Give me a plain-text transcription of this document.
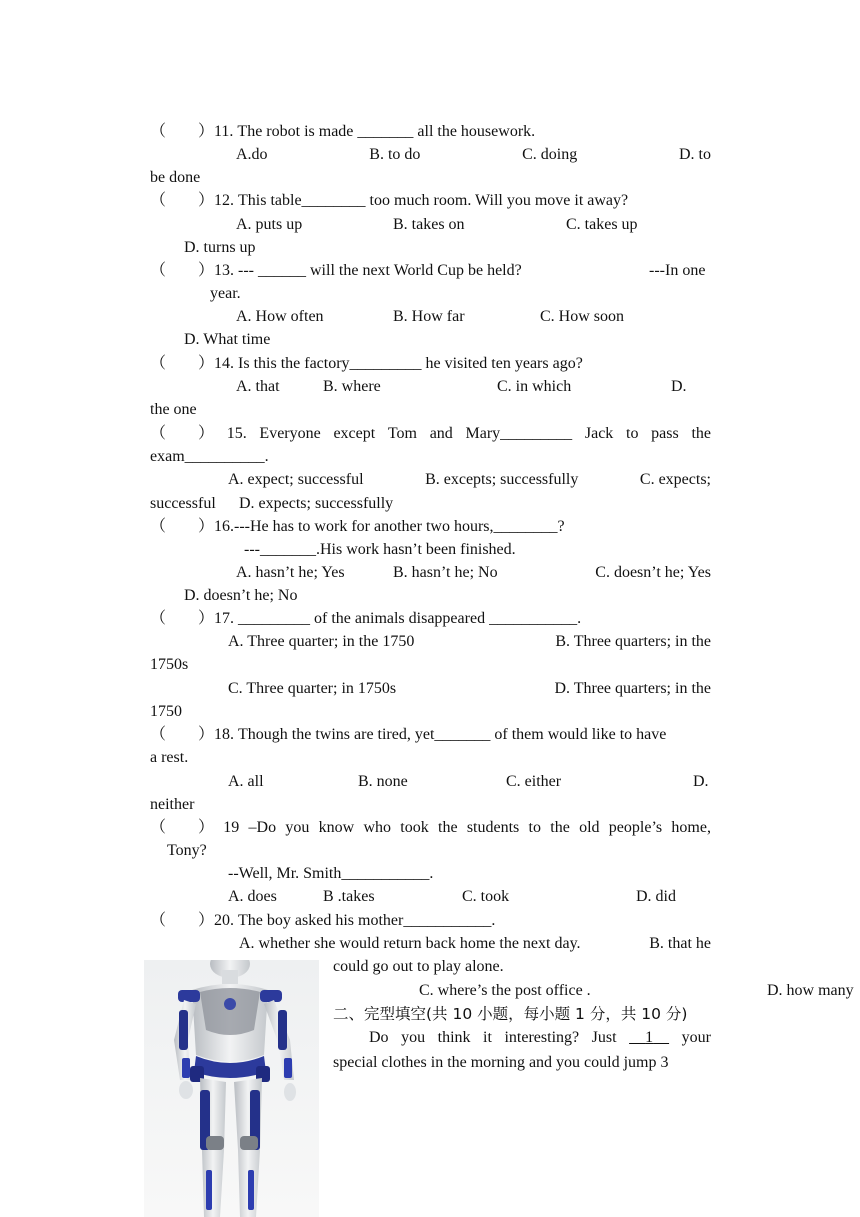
（　　）11. The robot is made _______ all the housework.
A.do	B. to do	C. doing	D. to
be done
（　　）12. This table________ too much room. Will you move it away?
A. puts up	B. takes on	C. takes up
D. turns up
（　　）13. --- ______ will the next World Cup be held?	---In one
year.
A. How often	B. How far	C. How soon
D. What time
（　　）14. Is this the factory_________ he visited ten years ago?
A. that	B. where	C. in which	D.
the one
（　　） 15. Everyone except Tom and Mary_________ Jack to pass the
exam__________.
A. expect; successful	B. excepts; successfully	C. expects;
successful D. expects; successfully
（　　）16.---He has to work for another two hours,________?
---_______.His work hasn’t been finished.
A. hasn’t he; Yes	B. hasn’t he; No	C. doesn’t he; Yes
D. doesn’t he; No
（　　）17. _________ of the animals disappeared ___________.
A. Three quarter; in the 1750	B. Three quarters; in the
1750s
C. Three quarter; in 1750s	D. Three quarters; in the
1750
（　　）18. Though the twins are tired, yet_______ of them would like to have
a rest.
A. all	B. none	C. either	D.
neither
（　　） 19 –Do you know who took the students to the old people’s home,
Tony?
--Well, Mr. Smith___________.
A. does	B .takes	C. took	D. did
（　　）20. The boy asked his mother___________.
A. whether she would return back home the next day.	B. that he
could go out to play alone.
C. where’s the post office .	D. how many
二、完型填空(共 10 小题，每小题 1 分，共 10 分)
Do you think it interesting? Just	1	your
special clothes in the morning and you could jump 3
